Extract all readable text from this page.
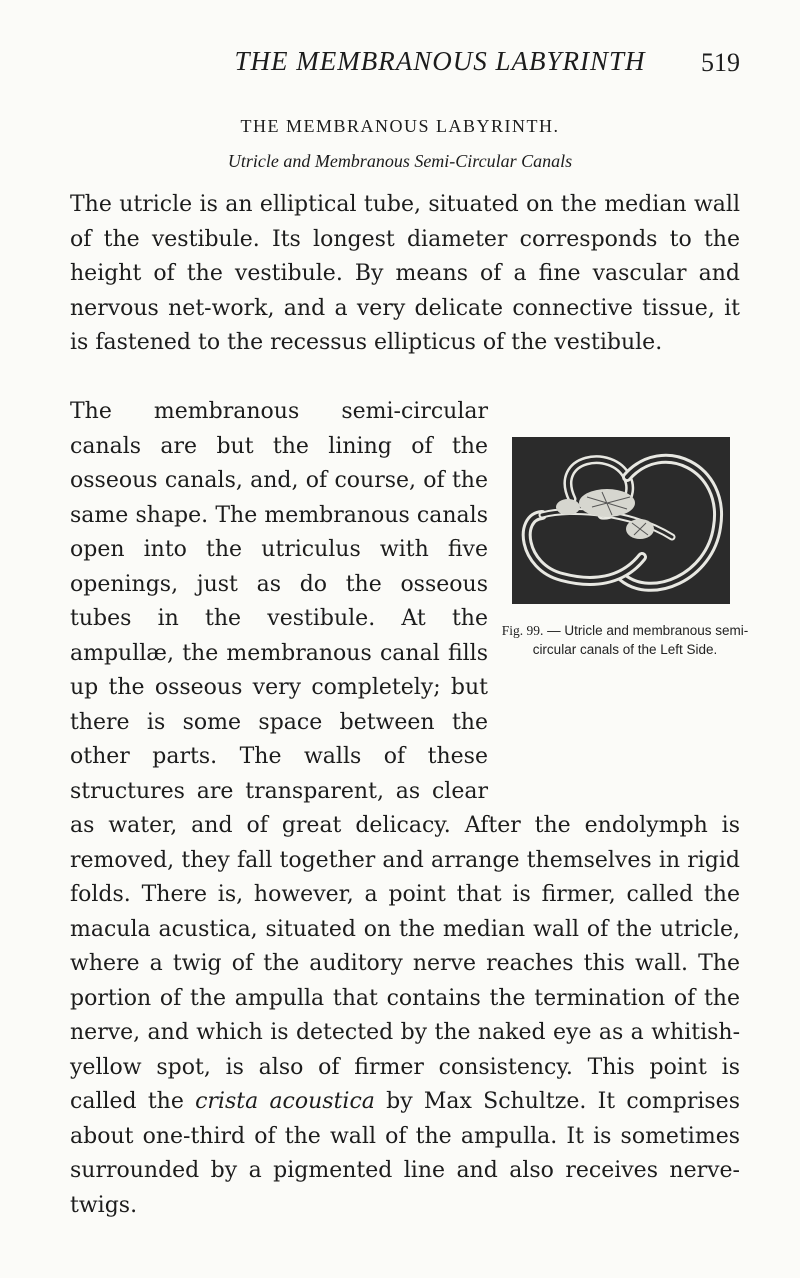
THE MEMBRANOUS LABYRINTH	519
THE MEMBRANOUS LABYRINTH.
Utricle and Membranous Semi-Circular Canals
The utricle is an elliptical tube, situated on the median wall of the vestibule. Its longest diameter corresponds to the height of the vestibule. By means of a fine vascular and nervous net-work, and a very delicate connective tissue, it is fastened to the recessus ellipticus of the vestibule.
Fig. 99. — Utricle and membranous semi-circular canals of the Left Side.
The membranous semi-circular canals are but the lining of the osseous canals, and, of course, of the same shape. The membranous canals open into the utriculus with five openings, just as do the osseous tubes in the vestibule. At the ampullæ, the membranous canal fills up the osseous very completely; but there is some space between the other parts. The walls of these structures are transparent, as clear as water, and of great delicacy. After the endolymph is removed, they fall together and arrange themselves in rigid folds. There is, however, a point that is firmer, called the macula acustica, situated on the median wall of the utricle, where a twig of the auditory nerve reaches this wall. The portion of the ampulla that contains the termination of the nerve, and which is detected by the naked eye as a whitish-yellow spot, is also of firmer consistency. This point is called the crista acoustica by Max Schultze. It comprises about one-third of the wall of the ampulla. It is sometimes surrounded by a pigmented line and also receives nerve-twigs.
